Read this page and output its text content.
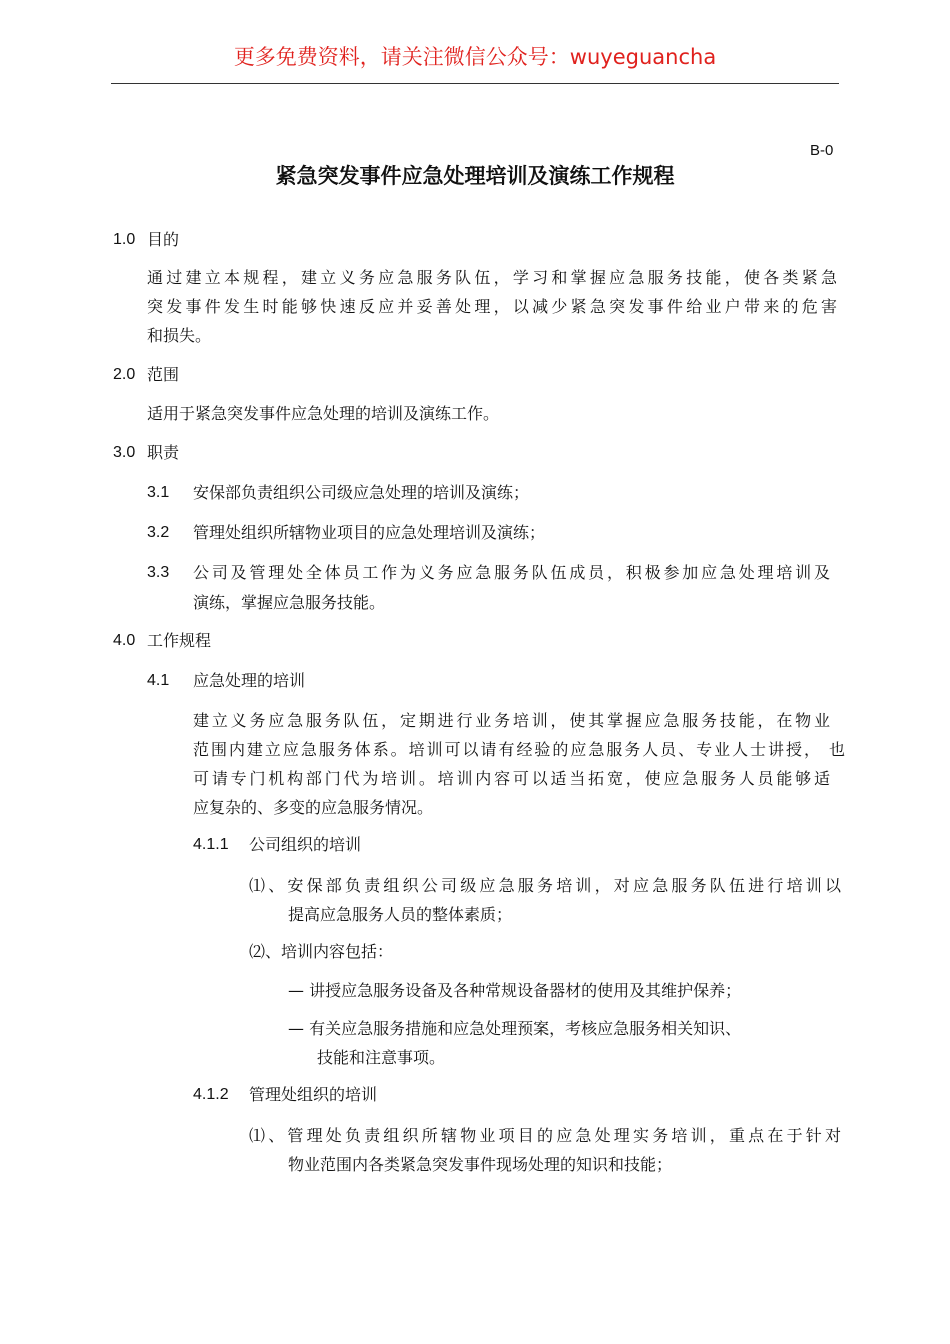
更多免费资料，请关注微信公众号：wuyeguancha
B-0
紧急突发事件应急处理培训及演练工作规程
1.0 目的
通过建立本规程，建立义务应急服务队伍，学习和掌握应急服务技能，使各类紧急
突发事件发生时能够快速反应并妥善处理，以减少紧急突发事件给业户带来的危害
和损失。
2.0 范围
适用于紧急突发事件应急处理的培训及演练工作。
3.0 职责
3.1 安保部负责组织公司级应急处理的培训及演练；
3.2 管理处组织所辖物业项目的应急处理培训及演练；
3.3 公司及管理处全体员工作为义务应急服务队伍成员，积极参加应急处理培训及
演练，掌握应急服务技能。
4.0 工作规程
4.1 应急处理的培训
建立义务应急服务队伍，定期进行业务培训，使其掌握应急服务技能，在物业
范围内建立应急服务体系。培训可以请有经验的应急服务人员、专业人士讲授， 也
可请专门机构部门代为培训。培训内容可以适当拓宽，使应急服务人员能够适
应复杂的、多变的应急服务情况。
4.1.1 公司组织的培训
⑴、安保部负责组织公司级应急服务培训，对应急服务队伍进行培训以
提高应急服务人员的整体素质；
⑵、培训内容包括：
— 讲授应急服务设备及各种常规设备器材的使用及其维护保养；
— 有关应急服务措施和应急处理预案，考核应急服务相关知识、
技能和注意事项。
4.1.2 管理处组织的培训
⑴、管理处负责组织所辖物业项目的应急处理实务培训，重点在于针对
物业范围内各类紧急突发事件现场处理的知识和技能；
